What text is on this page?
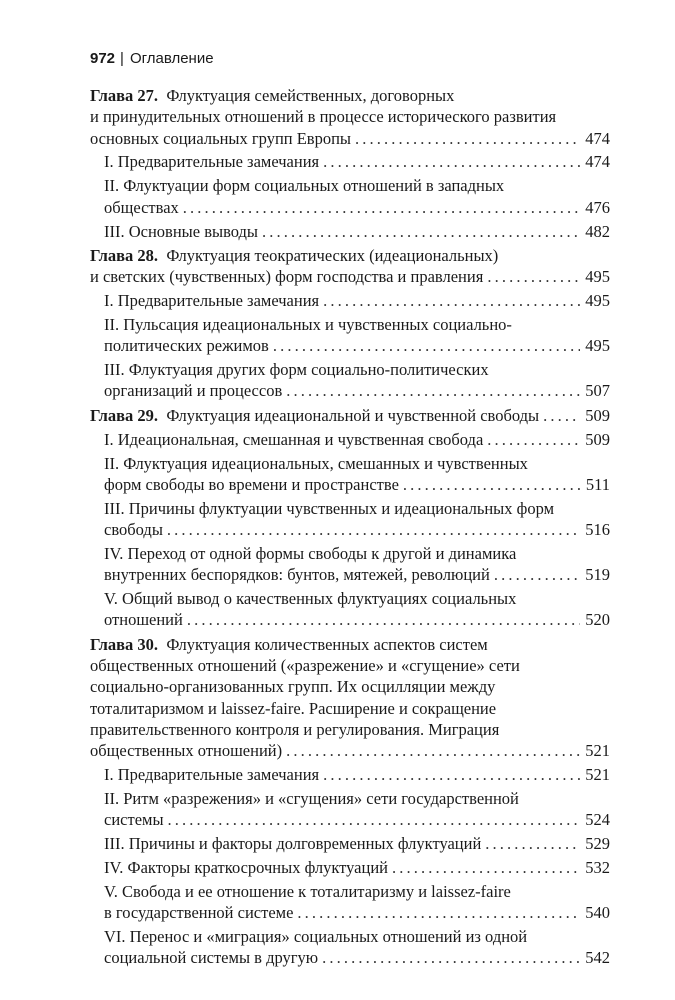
972 | Оглавление
Глава 27. Флуктуация семейственных, договорных
и принудительных отношений в процессе исторического развития
основных социальных групп Европы . . .	474
I. Предварительные замечания . . .	474
II. Флуктуации форм социальных отношений в западных
обществах . . .	476
III. Основные выводы . . .	482
Глава 28. Флуктуация теократических (идеациональных)
и светских (чувственных) форм господства и правления . . .	495
I. Предварительные замечания . . .	495
II. Пульсация идеациональных и чувственных социально-
политических режимов . . .	495
III. Флуктуация других форм социально-политических
организаций и процессов . . .	507
Глава 29. Флуктуация идеациональной и чувственной свободы . . .	509
I. Идеациональная, смешанная и чувственная свобода . . .	509
II. Флуктуация идеациональных, смешанных и чувственных
форм свободы во времени и пространстве . . .	511
III. Причины флуктуации чувственных и идеациональных форм
свободы . . .	516
IV. Переход от одной формы свободы к другой и динамика
внутренних беспорядков: бунтов, мятежей, революций . . .	519
V. Общий вывод о качественных флуктуациях социальных
отношений . . .	520
Глава 30. Флуктуация количественных аспектов систем
общественных отношений («разрежение» и «сгущение» сети
социально-организованных групп. Их осцилляции между
тоталитаризмом и laissez-faire. Расширение и сокращение
правительственного контроля и регулирования. Миграция
общественных отношений) . . .	521
I. Предварительные замечания . . .	521
II. Ритм «разрежения» и «сгущения» сети государственной
системы . . .	524
III. Причины и факторы долговременных флуктуаций . . .	529
IV. Факторы краткосрочных флуктуаций . . .	532
V. Свобода и ее отношение к тоталитаризму и laissez-faire
в государственной системе . . .	540
VI. Перенос и «миграция» социальных отношений из одной
социальной системы в другую . . .	542
